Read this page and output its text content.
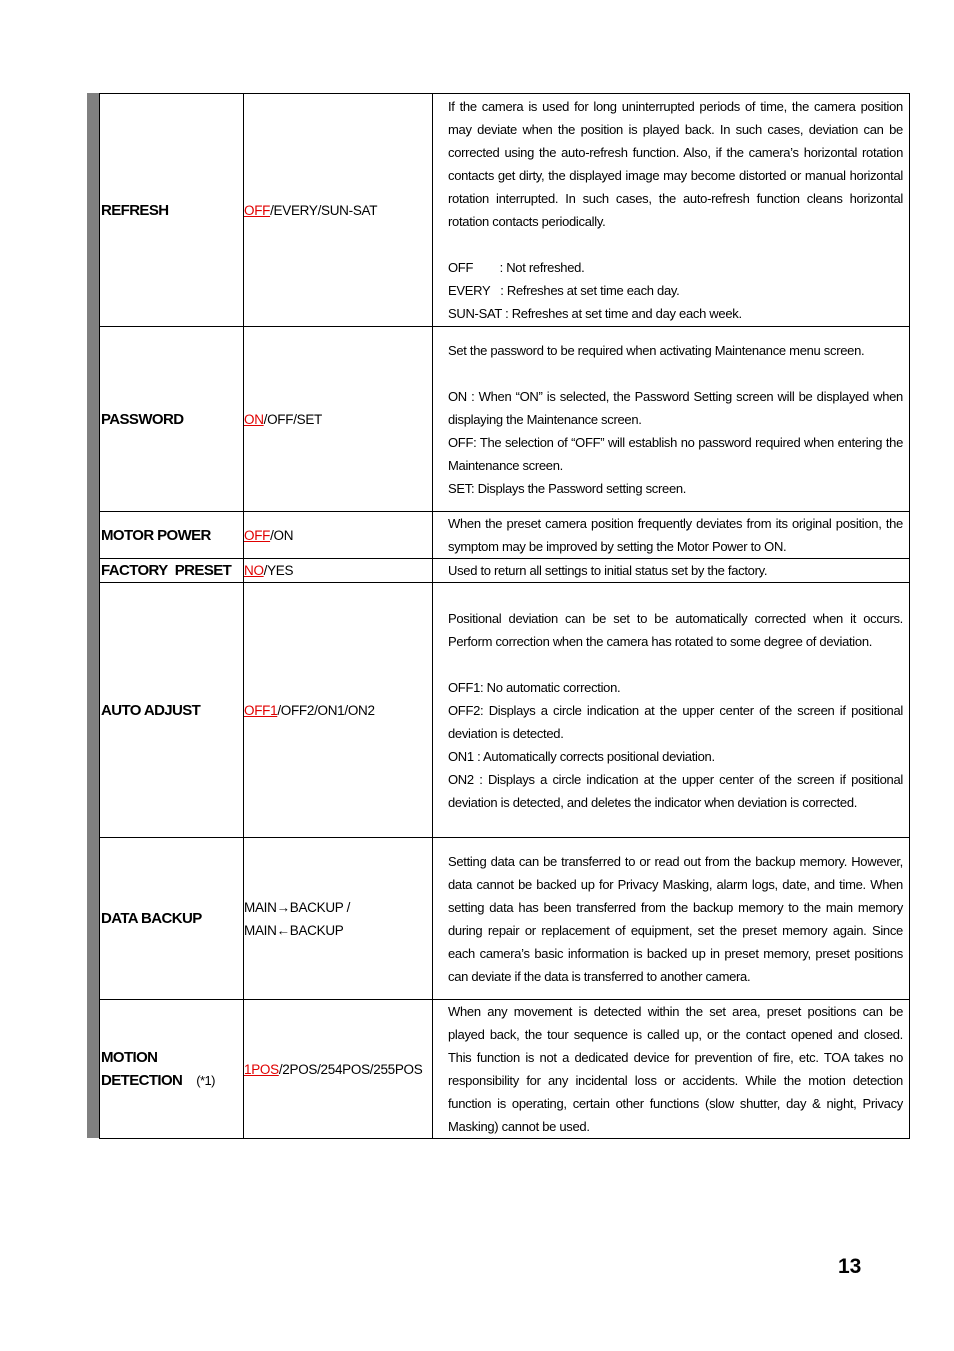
REFRESH	OFF/EVERY/SUN-SAT	If the camera is used for long uninterrupted periods of time, the camera position may deviate when the position is played back. In such cases, deviation can be corrected using the auto-refresh function. Also, if the camera’s horizontal rotation contacts get dirty, the displayed image may become distorted or manual horizontal rotation interrupted. In such cases, the auto-refresh function cleans horizontal rotation contacts periodically.

OFF        : Not refreshed.
EVERY   : Refreshes at set time each day.
SUN-SAT : Refreshes at set time and day each week.

PASSWORD	ON/OFF/SET	Set the password to be required when activating Maintenance menu screen.

ON : When “ON” is selected, the Password Setting screen will be displayed when displaying the Maintenance screen.

OFF: The selection of “OFF” will establish no password required when entering the Maintenance screen.

SET: Displays the Password setting screen.

MOTOR POWER	OFF/ON	When the preset camera position frequently deviates from its original position, the symptom may be improved by setting the Motor Power to ON.

FACTORY  PRESET	NO/YES	Used to return all settings to initial status set by the factory.

AUTO ADJUST	OFF1/OFF2/ON1/ON2	Positional deviation can be set to be automatically corrected when it occurs. Perform correction when the camera has rotated to some degree of deviation.

OFF1: No automatic correction.

OFF2: Displays a circle indication at the upper center of the screen if positional deviation is detected.

ON1 : Automatically corrects positional deviation.

ON2 : Displays a circle indication at the upper center of the screen if positional deviation is detected, and deletes the indicator when deviation is corrected.

DATA BACKUP	MAIN→BACKUP /
MAIN←BACKUP	Setting data can be transferred to or read out from the backup memory. However, data cannot be backed up for Privacy Masking, alarm logs, date, and time. When setting data has been transferred from the backup memory to the main memory during repair or replacement of equipment, set the preset memory again. Since each camera’s basic information is backed up in preset memory, preset positions can deviate if the data is transferred to another camera.

MOTION
DETECTION (*1)	1POS/2POS/254POS/255POS	When any movement is detected within the set area, preset positions can be played back, the tour sequence is called up, or the contact opened and closed. This function is not a dedicated device for prevention of fire, etc. TOA takes no responsibility for any incidental loss or accidents. While the motion detection function is operating, certain other functions (slow shutter, day & night, Privacy Masking) cannot be used.

13
